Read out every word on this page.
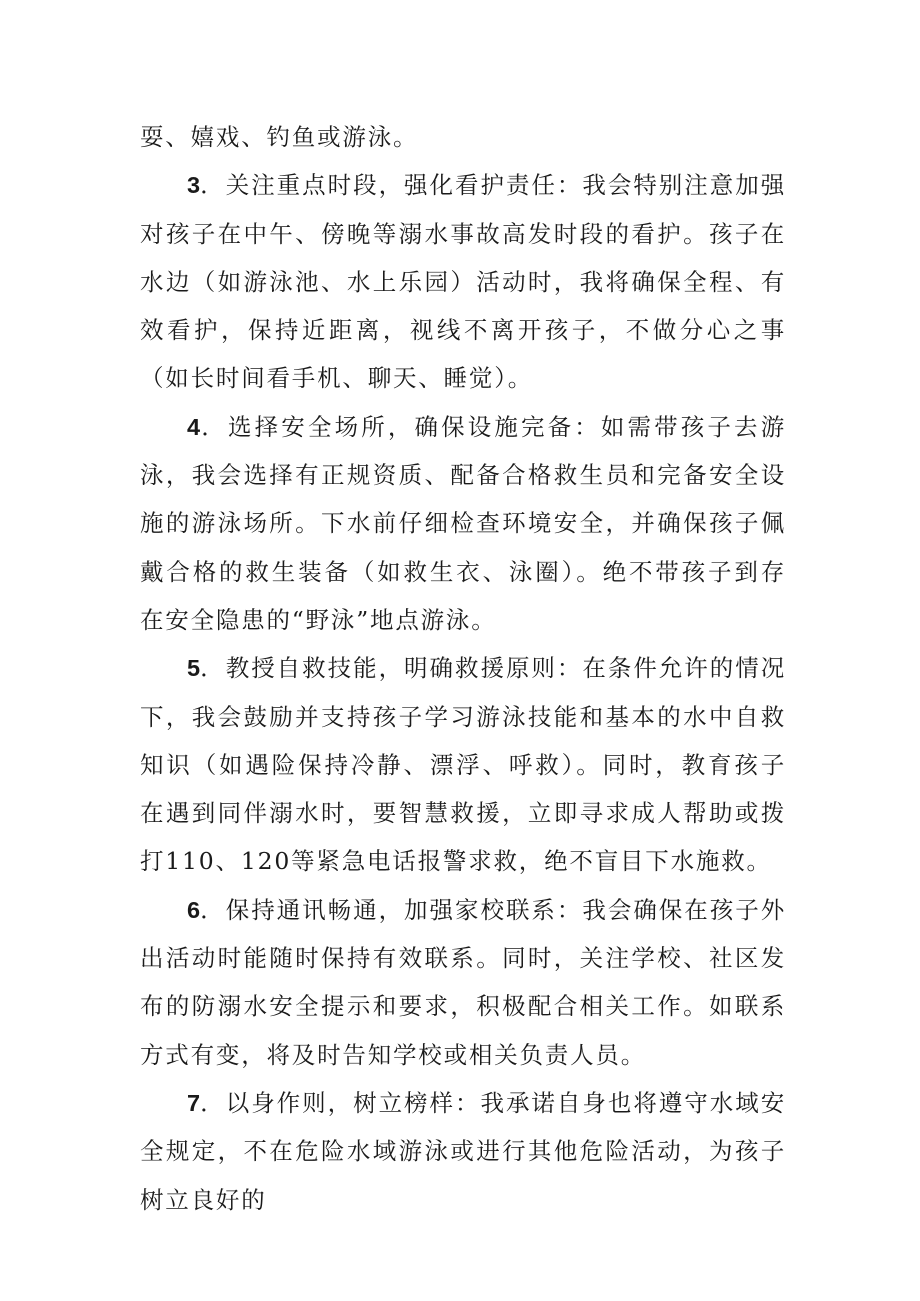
耍、嬉戏、钓鱼或游泳。

3．关注重点时段，强化看护责任：我会特别注意加强对孩子在中午、傍晚等溺水事故高发时段的看护。孩子在水边（如游泳池、水上乐园）活动时，我将确保全程、有效看护，保持近距离，视线不离开孩子，不做分心之事（如长时间看手机、聊天、睡觉）。

4．选择安全场所，确保设施完备：如需带孩子去游泳，我会选择有正规资质、配备合格救生员和完备安全设施的游泳场所。下水前仔细检查环境安全，并确保孩子佩戴合格的救生装备（如救生衣、泳圈）。绝不带孩子到存在安全隐患的“野泳”地点游泳。

5．教授自救技能，明确救援原则：在条件允许的情况下，我会鼓励并支持孩子学习游泳技能和基本的水中自救知识（如遇险保持冷静、漂浮、呼救）。同时，教育孩子在遇到同伴溺水时，要智慧救援，立即寻求成人帮助或拨打110、120等紧急电话报警求救，绝不盲目下水施救。

6．保持通讯畅通，加强家校联系：我会确保在孩子外出活动时能随时保持有效联系。同时，关注学校、社区发布的防溺水安全提示和要求，积极配合相关工作。如联系方式有变，将及时告知学校或相关负责人员。

7．以身作则，树立榜样：我承诺自身也将遵守水域安全规定，不在危险水域游泳或进行其他危险活动，为孩子树立良好的
